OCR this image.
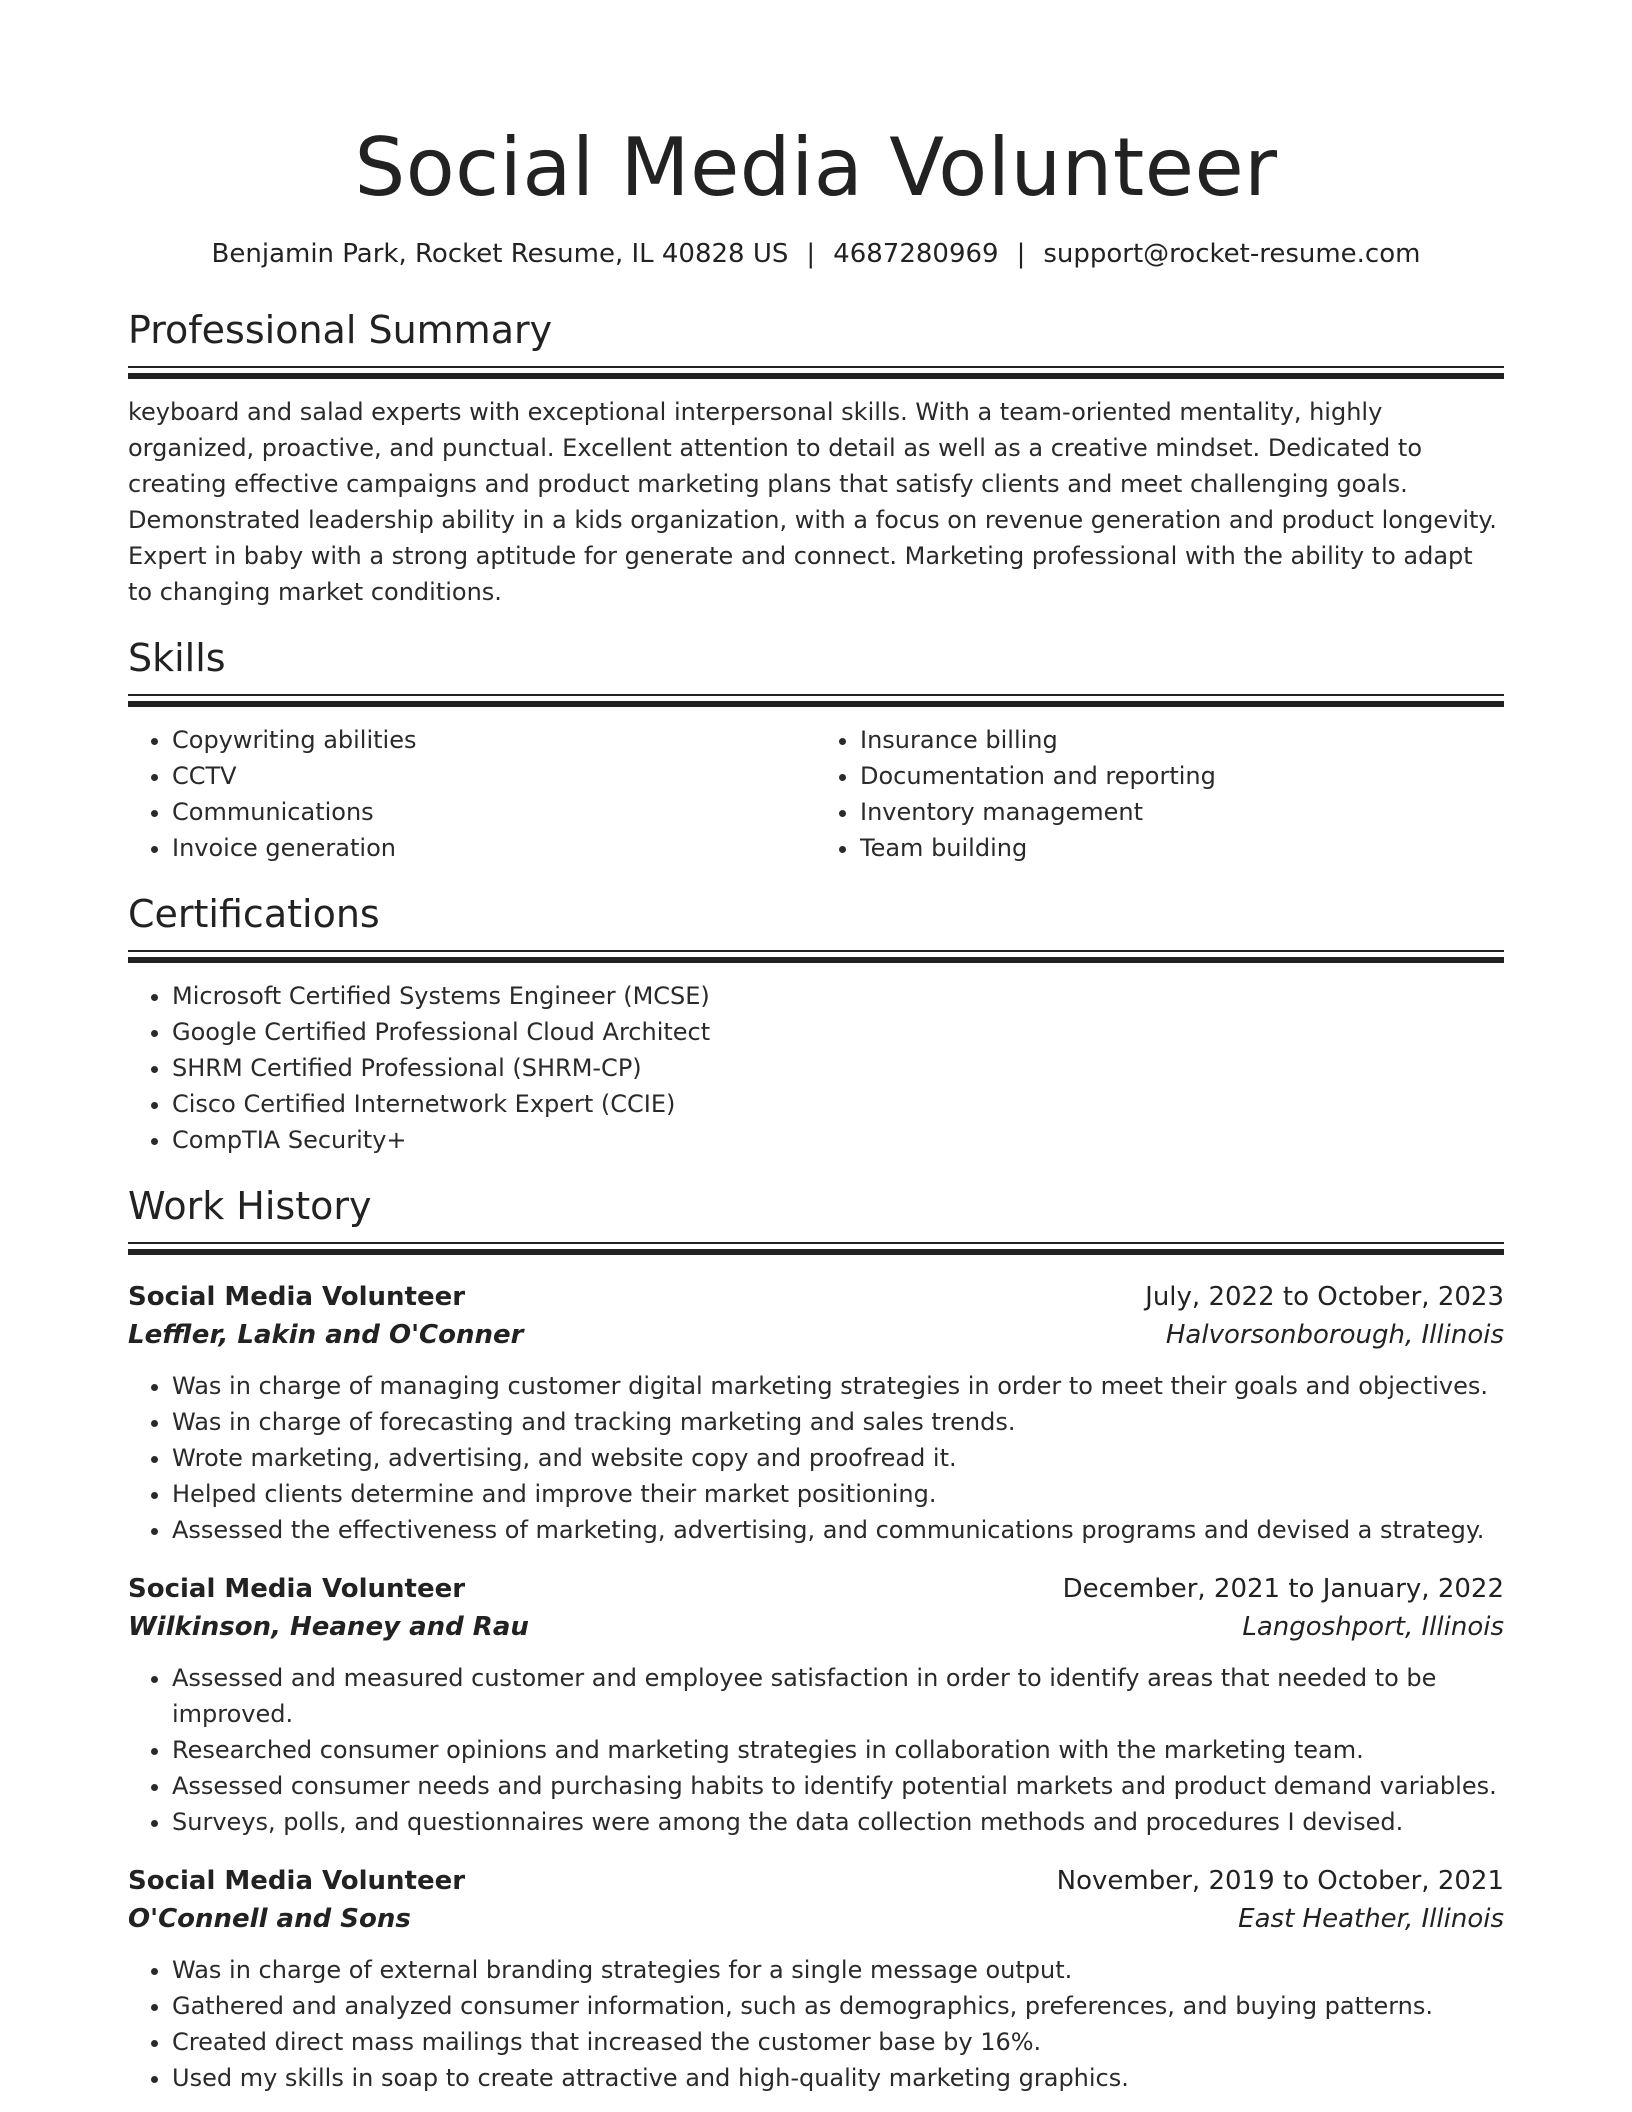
Social Media Volunteer
Benjamin Park, Rocket Resume, IL 40828 US | 4687280969 | support@rocket-resume.com
Professional Summary
keyboard and salad experts with exceptional interpersonal skills. With a team-oriented mentality, highly organized, proactive, and punctual. Excellent attention to detail as well as a creative mindset. Dedicated to creating effective campaigns and product marketing plans that satisfy clients and meet challenging goals. Demonstrated leadership ability in a kids organization, with a focus on revenue generation and product longevity. Expert in baby with a strong aptitude for generate and connect. Marketing professional with the ability to adapt to changing market conditions.
Skills
• Copywriting abilities
• CCTV
• Communications
• Invoice generation
• Insurance billing
• Documentation and reporting
• Inventory management
• Team building
Certifications
• Microsoft Certified Systems Engineer (MCSE)
• Google Certified Professional Cloud Architect
• SHRM Certified Professional (SHRM-CP)
• Cisco Certified Internetwork Expert (CCIE)
• CompTIA Security+
Work History
Social Media Volunteer	July, 2022 to October, 2023
Leffler, Lakin and O'Conner	Halvorsonborough, Illinois
• Was in charge of managing customer digital marketing strategies in order to meet their goals and objectives.
• Was in charge of forecasting and tracking marketing and sales trends.
• Wrote marketing, advertising, and website copy and proofread it.
• Helped clients determine and improve their market positioning.
• Assessed the effectiveness of marketing, advertising, and communications programs and devised a strategy.
Social Media Volunteer	December, 2021 to January, 2022
Wilkinson, Heaney and Rau	Langoshport, Illinois
• Assessed and measured customer and employee satisfaction in order to identify areas that needed to be improved.
• Researched consumer opinions and marketing strategies in collaboration with the marketing team.
• Assessed consumer needs and purchasing habits to identify potential markets and product demand variables.
• Surveys, polls, and questionnaires were among the data collection methods and procedures I devised.
Social Media Volunteer	November, 2019 to October, 2021
O'Connell and Sons	East Heather, Illinois
• Was in charge of external branding strategies for a single message output.
• Gathered and analyzed consumer information, such as demographics, preferences, and buying patterns.
• Created direct mass mailings that increased the customer base by 16%.
• Used my skills in soap to create attractive and high-quality marketing graphics.
